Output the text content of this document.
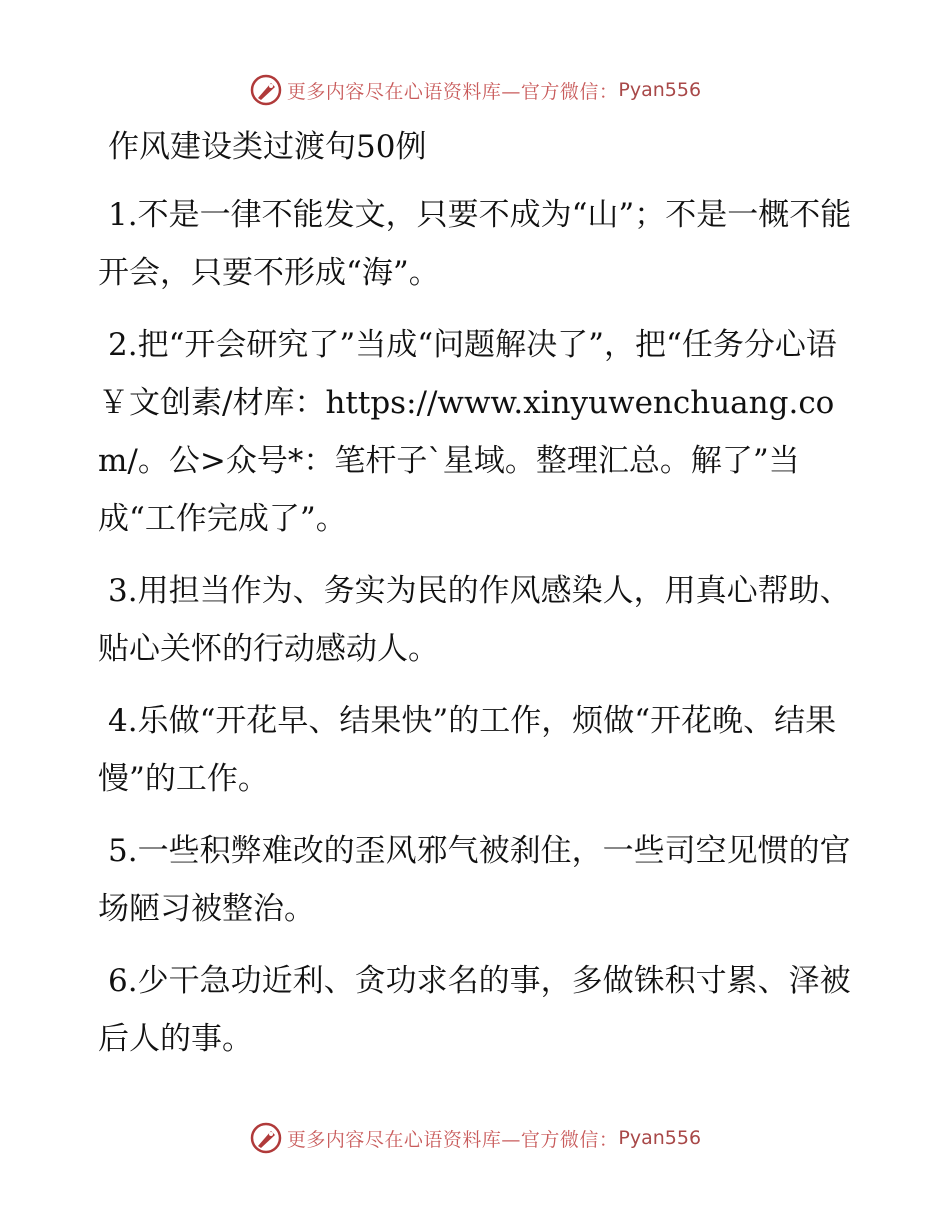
更多内容尽在心语资料库—官方微信： Pyan556
作风建设类过渡句50例
1.不是一律不能发文，只要不成为“山”；不是一概不能开会，只要不形成“海”。
2.把“开会研究了”当成“问题解决了”，把“任务分心语￥文创素/材库：https://www.xinyuwenchuang.com/。公>众号*：笔杆子`星域。整理汇总。解了”当成“工作完成了”。
3.用担当作为、务实为民的作风感染人，用真心帮助、贴心关怀的行动感动人。
4.乐做“开花早、结果快”的工作，烦做“开花晚、结果慢”的工作。
5.一些积弊难改的歪风邪气被刹住，一些司空见惯的官场陋习被整治。
6.少干急功近利、贪功求名的事，多做铢积寸累、泽被后人的事。
更多内容尽在心语资料库—官方微信： Pyan556
